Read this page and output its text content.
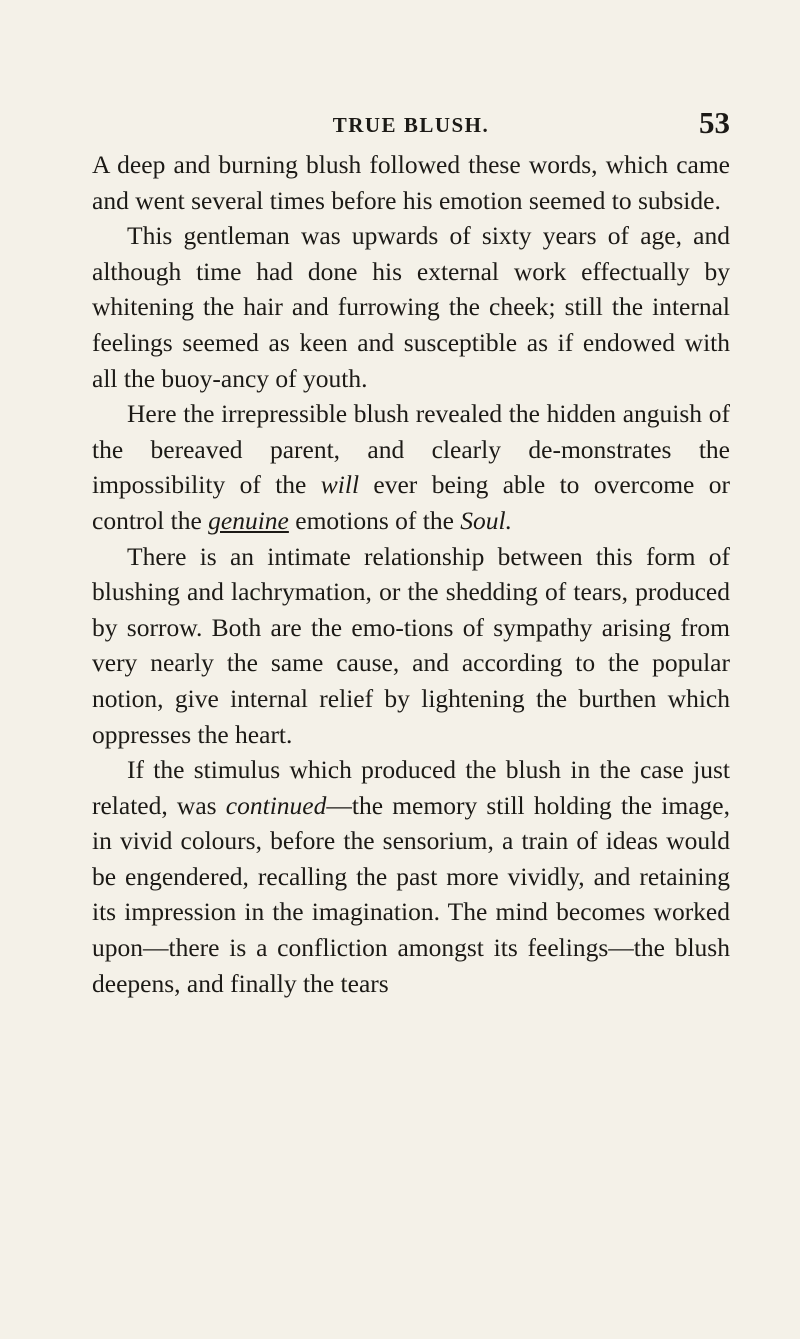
TRUE BLUSH.	53

A deep and burning blush followed these words, which came and went several times before his emotion seemed to subside.

This gentleman was upwards of sixty years of age, and although time had done his external work effectually by whitening the hair and furrowing the cheek; still the internal feelings seemed as keen and susceptible as if endowed with all the buoy-ancy of youth.

Here the irrepressible blush revealed the hidden anguish of the bereaved parent, and clearly de-monstrates the impossibility of the will ever being able to overcome or control the genuine emotions of the Soul.

There is an intimate relationship between this form of blushing and lachrymation, or the shedding of tears, produced by sorrow. Both are the emo-tions of sympathy arising from very nearly the same cause, and according to the popular notion, give internal relief by lightening the burthen which oppresses the heart.

If the stimulus which produced the blush in the case just related, was continued—the memory still holding the image, in vivid colours, before the sensorium, a train of ideas would be engendered, recalling the past more vividly, and retaining its impression in the imagination. The mind becomes worked upon—there is a confliction amongst its feelings—the blush deepens, and finally the tears
